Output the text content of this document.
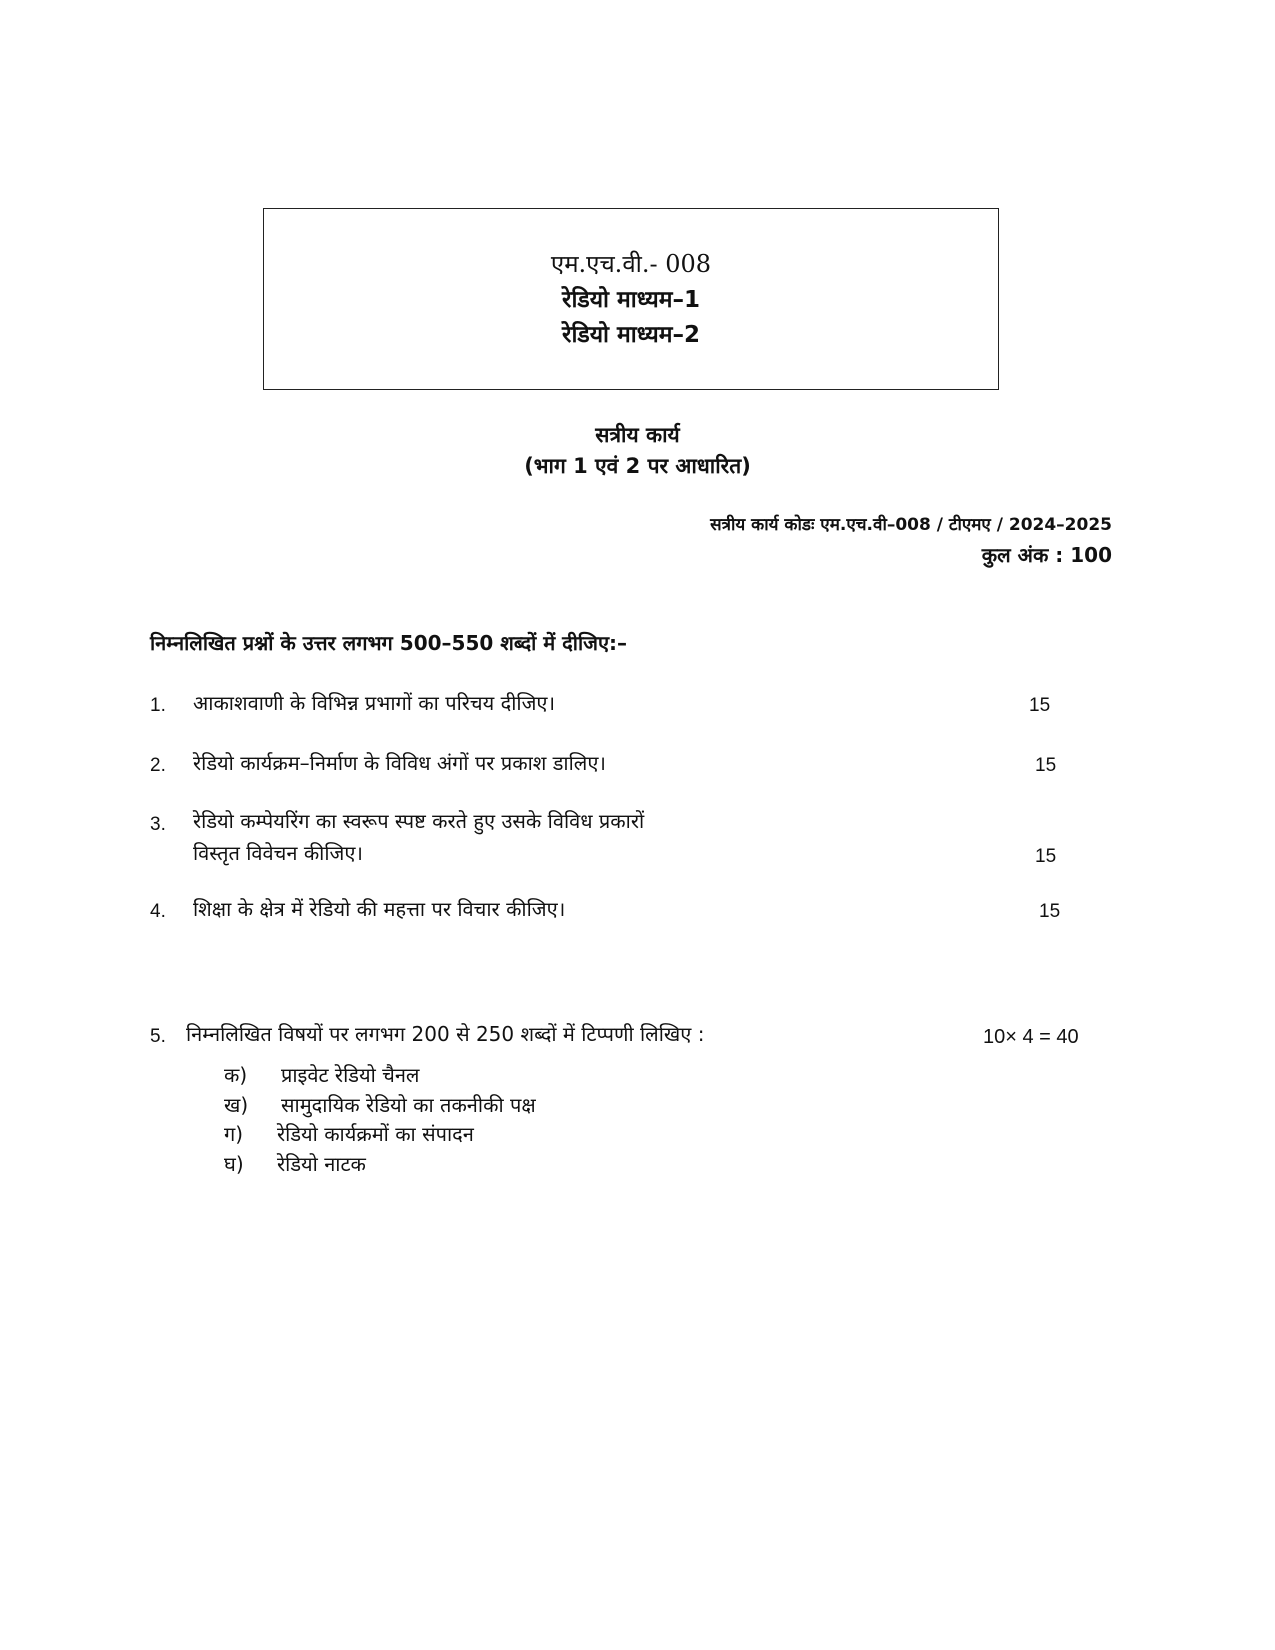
एम.एच.वी.- 008
रेडियो माध्यम–1
रेडियो माध्यम–2
सत्रीय कार्य
(भाग 1 एवं 2 पर आधारित)
सत्रीय कार्य कोडः एम.एच.वी–008 / टीएमए / 2024–2025
कुल अंक : 100
निम्नलिखित प्रश्नों के उत्तर लगभग 500–550 शब्दों में दीजिए:–
1. आकाशवाणी के विभिन्न प्रभागों का परिचय दीजिए।	15
2. रेडियो कार्यक्रम–निर्माण के विविध अंगों पर प्रकाश डालिए।	15
3. रेडियो कम्पेयरिंग का स्वरूप स्पष्ट करते हुए उसके विविध प्रकारों
विस्तृत विवेचन कीजिए।	15
4. शिक्षा के क्षेत्र में रेडियो की महत्ता पर विचार कीजिए।	15
5. निम्नलिखित विषयों पर लगभग 200 से 250 शब्दों में टिप्पणी लिखिए :	10× 4 = 40
क) प्राइवेट रेडियो चैनल
ख) सामुदायिक रेडियो का तकनीकी पक्ष
ग) रेडियो कार्यक्रमों का संपादन
घ) रेडियो नाटक
